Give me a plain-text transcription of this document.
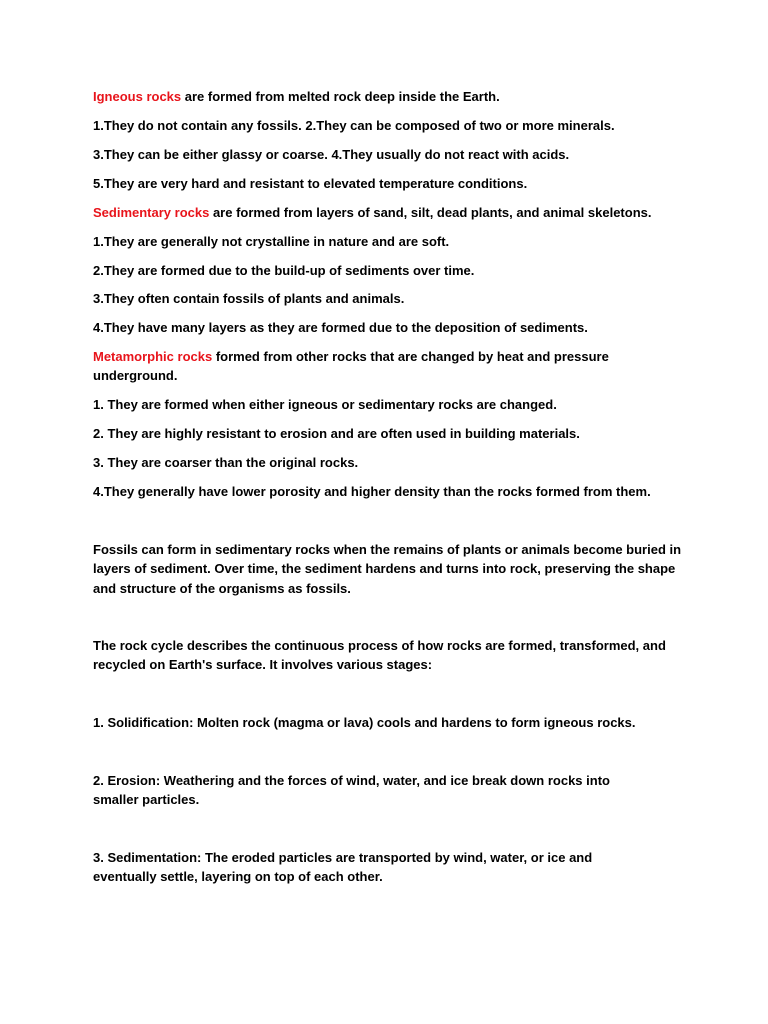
Igneous rocks are formed from melted rock deep inside the Earth.
1.They do not contain any fossils. 2.They can be composed of two or more minerals.
3.They can be either glassy or coarse. 4.They usually do not react with acids.
5.They are very hard and resistant to elevated temperature conditions.
Sedimentary rocks are formed from layers of sand, silt, dead plants, and animal skeletons.
1.They are generally not crystalline in nature and are soft.
2.They are formed due to the build-up of sediments over time.
3.They often contain fossils of plants and animals.
4.They have many layers as they are formed due to the deposition of sediments.
Metamorphic rocks formed from other rocks that are changed by heat and pressure underground.
1. They are formed when either igneous or sedimentary rocks are changed.
2. They are highly resistant to erosion and are often used in building materials.
3. They are coarser than the original rocks.
4.They generally have lower porosity and higher density than the rocks formed from them.
Fossils can form in sedimentary rocks when the remains of plants or animals become buried in layers of sediment. Over time, the sediment hardens and turns into rock, preserving the shape and structure of the organisms as fossils.
The rock cycle describes the continuous process of how rocks are formed, transformed, and recycled on Earth's surface. It involves various stages:
1. Solidification: Molten rock (magma or lava) cools and hardens to form igneous rocks.
2. Erosion: Weathering and the forces of wind, water, and ice break down rocks into smaller particles.
3. Sedimentation: The eroded particles are transported by wind, water, or ice and eventually settle, layering on top of each other.
